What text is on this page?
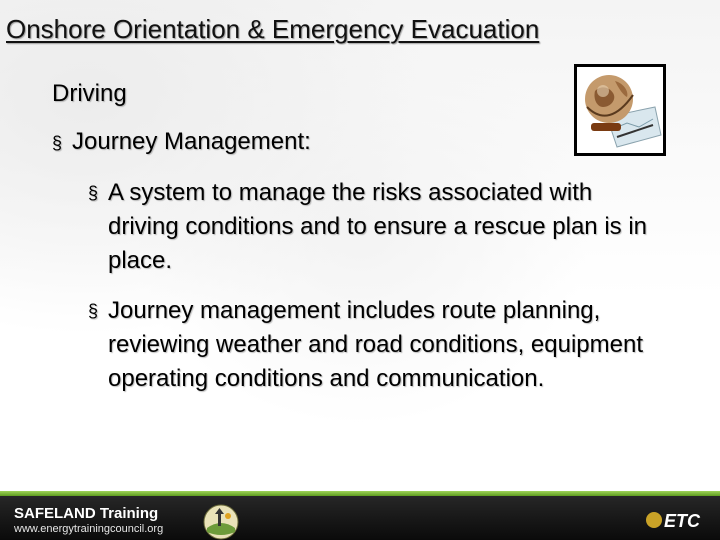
Onshore Orientation & Emergency Evacuation
Driving
§ Journey Management:
§ A system to manage the risks associated with driving conditions and to ensure a rescue plan is in place.
§ Journey management includes route planning, reviewing weather and road conditions, equipment operating conditions and communication.
SAFELAND Training
www.energytrainingcouncil.org	ETC
